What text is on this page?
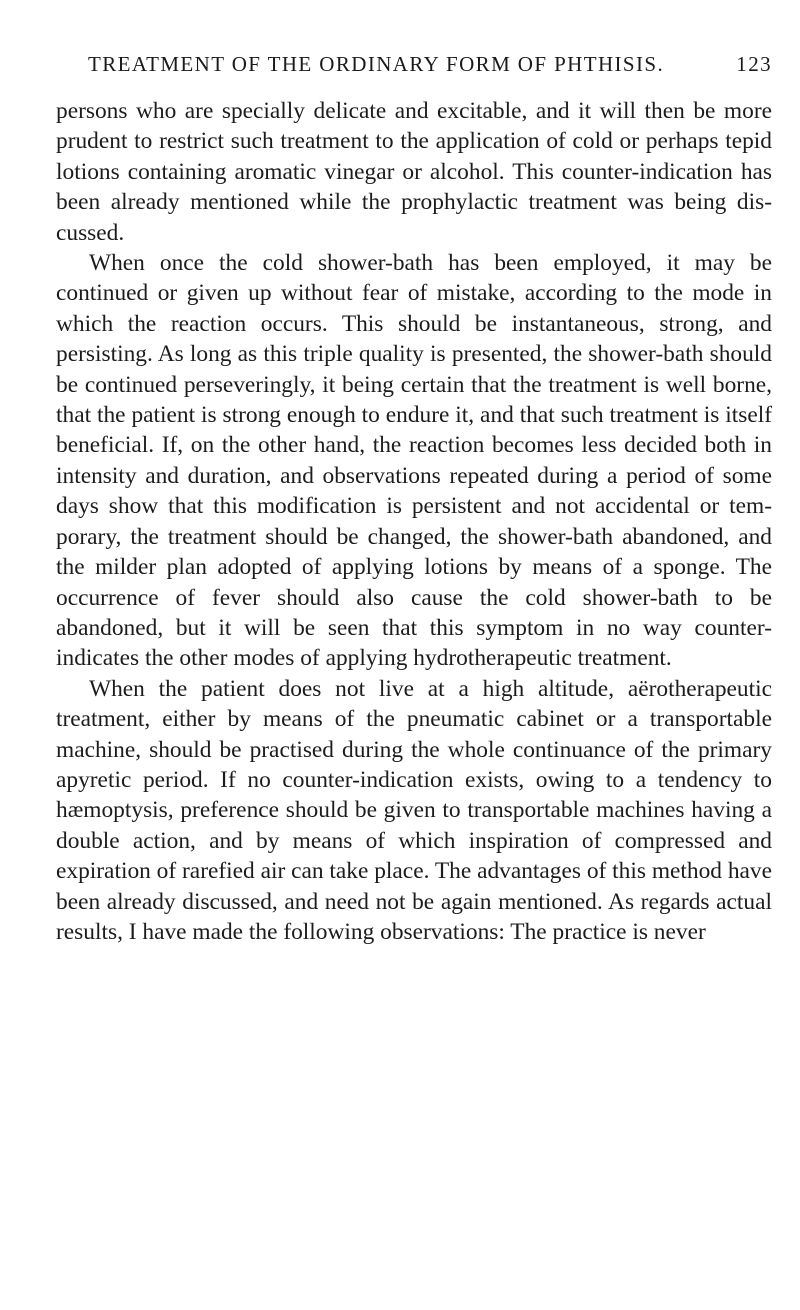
TREATMENT OF THE ORDINARY FORM OF PHTHISIS.	123

persons who are specially delicate and excitable, and it will then be more prudent to restrict such treatment to the application of cold or perhaps tepid lotions containing aromatic vinegar or alcohol. This counter-indication has been already mentioned while the prophylactic treatment was being discussed.

When once the cold shower-bath has been employed, it may be continued or given up without fear of mistake, according to the mode in which the reaction occurs. This should be instantaneous, strong, and persisting. As long as this triple quality is presented, the shower-bath should be continued perseveringly, it being certain that the treatment is well borne, that the patient is strong enough to endure it, and that such treatment is itself beneficial. If, on the other hand, the reaction becomes less decided both in intensity and duration, and observations repeated during a period of some days show that this modification is persistent and not accidental or temporary, the treatment should be changed, the shower-bath abandoned, and the milder plan adopted of applying lotions by means of a sponge. The occurrence of fever should also cause the cold shower-bath to be abandoned, but it will be seen that this symptom in no way counter-indicates the other modes of applying hydrotherapeutic treatment.

When the patient does not live at a high altitude, aërotherapeutic treatment, either by means of the pneumatic cabinet or a transportable machine, should be practised during the whole continuance of the primary apyretic period. If no counter-indication exists, owing to a tendency to hæmoptysis, preference should be given to transportable machines having a double action, and by means of which inspiration of compressed and expiration of rarefied air can take place. The advantages of this method have been already discussed, and need not be again mentioned. As regards actual results, I have made the following observations: The practice is never
